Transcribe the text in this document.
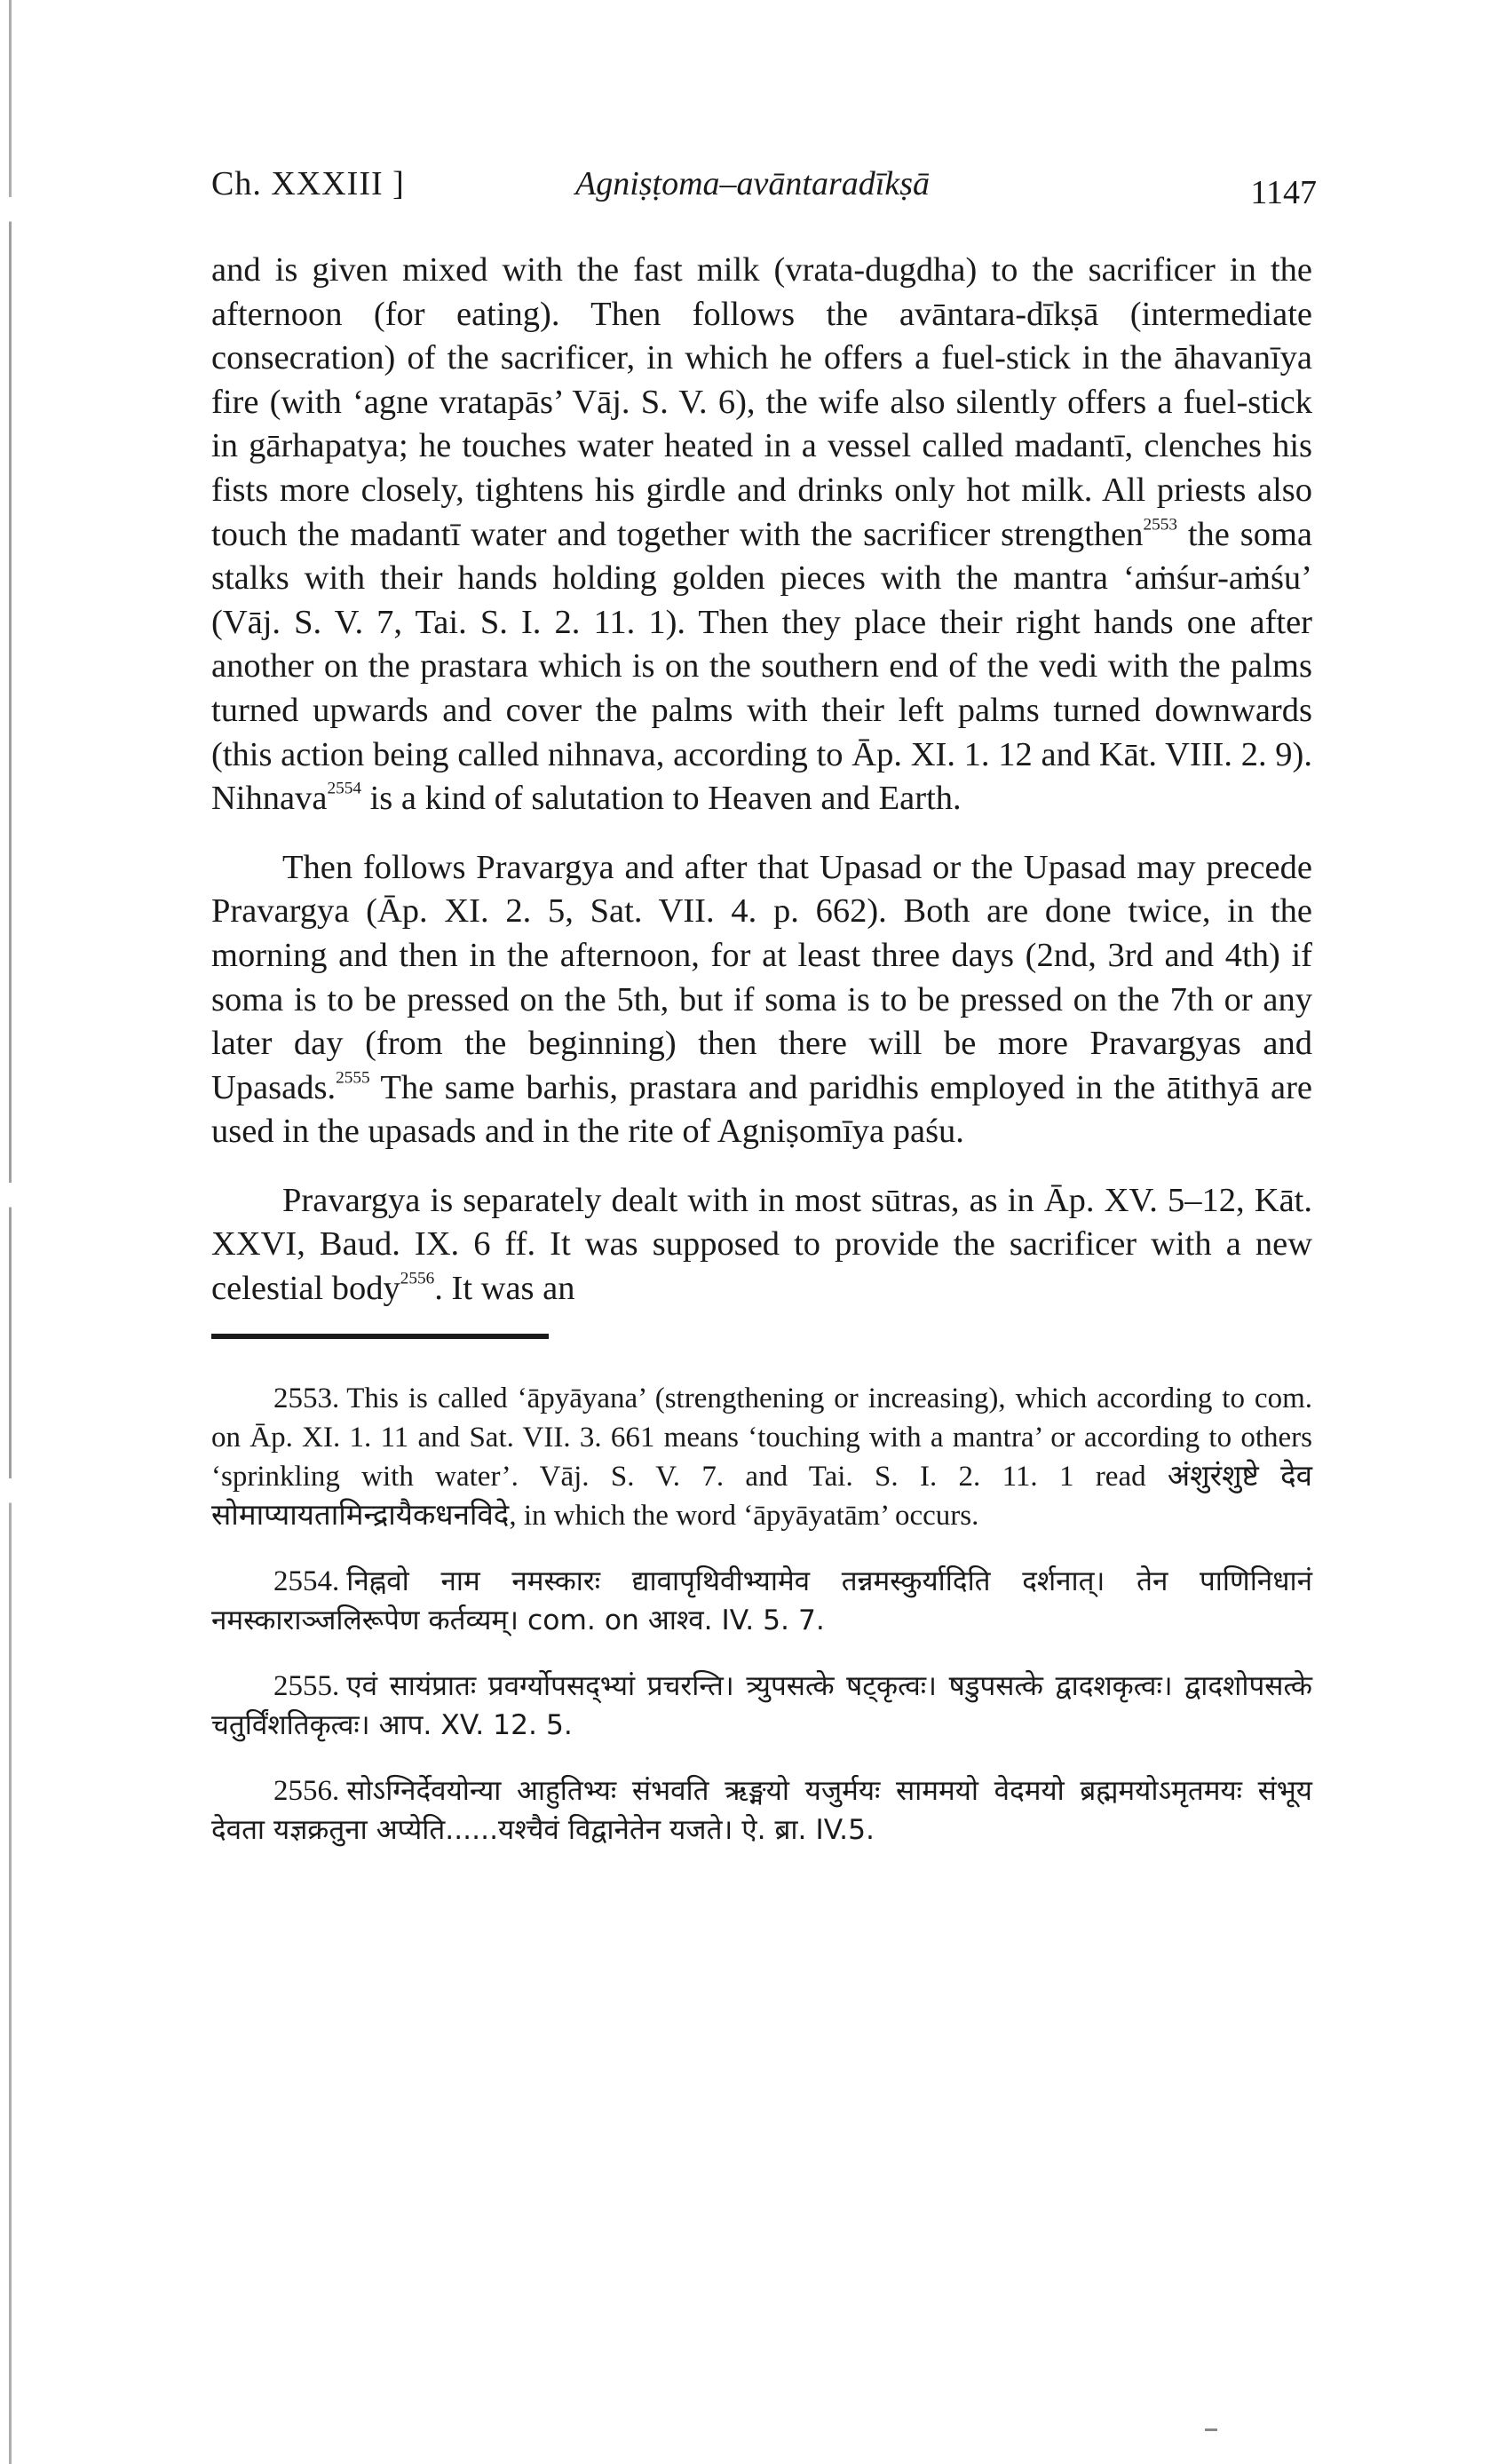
Ch. XXXIII ]	Agniṣṭoma–avāntaradīkṣā	1147

and is given mixed with the fast milk (vrata-dugdha) to the sacrificer in the afternoon (for eating). Then follows the avāntara-dīkṣā (intermediate consecration) of the sacrificer, in which he offers a fuel-stick in the āhavanīya fire (with ‘agne vratapās’ Vāj. S. V. 6), the wife also silently offers a fuel-stick in gārhapatya; he touches water heated in a vessel called madantī, clenches his fists more closely, tightens his girdle and drinks only hot milk. All priests also touch the madantī water and together with the sacrificer strengthen$^{2553}$ the soma stalks with their hands holding golden pieces with the mantra ‘aṁśur-aṁśu’ (Vāj. S. V. 7, Tai. S. I. 2. 11. 1). Then they place their right hands one after another on the prastara which is on the southern end of the vedi with the palms turned upwards and cover the palms with their left palms turned downwards (this action being called nihnava, according to Āp. XI. 1. 12 and Kāt. VIII. 2. 9). Nihnava$^{2554}$ is a kind of salutation to Heaven and Earth.

Then follows Pravargya and after that Upasad or the Upasad may precede Pravargya (Āp. XI. 2. 5, Sat. VII. 4. p. 662). Both are done twice, in the morning and then in the afternoon, for at least three days (2nd, 3rd and 4th) if soma is to be pressed on the 5th, but if soma is to be pressed on the 7th or any later day (from the beginning) then there will be more Pravargyas and Upasads.$^{2555}$ The same barhis, prastara and paridhis employed in the ātithyā are used in the upasads and in the rite of Agniṣomīya paśu.

Pravargya is separately dealt with in most sūtras, as in Āp. XV. 5–12, Kāt. XXVI, Baud. IX. 6 ff. It was supposed to provide the sacrificer with a new celestial body$^{2556}$. It was an

2553. This is called ‘āpyāyana’ (strengthening or increasing), which according to com. on Āp. XI. 1. 11 and Sat. VII. 3. 661 means ‘touching with a mantra’ or according to others ‘sprinkling with water’. Vāj. S. V. 7. and Tai. S. I. 2. 11. 1 read अंशुरंशुष्टे देव सोमाप्यायतामिन्द्रायैकधनविदे, in which the word ‘āpyāyatām’ occurs.

2554. निह्नवो नाम नमस्कारः द्यावापृथिवीभ्यामेव तन्नमस्कुर्यादिति दर्शनात्। तेन पाणिनिधानं नमस्काराञ्जलिरूपेण कर्तव्यम्। com. on आश्व. IV. 5. 7.

2555. एवं सायंप्रातः प्रवर्ग्योपसद्भ्यां प्रचरन्ति। त्र्युपसत्के षट्कृत्वः। षडुपसत्के द्वादशकृत्वः। द्वादशोपसत्के चतुर्विंशतिकृत्वः। आप. XV. 12. 5.

2556. सोऽग्निर्देवयोन्या आहुतिभ्यः संभवति ऋङ्मयो यजुर्मयः साममयो वेदमयो ब्रह्ममयोऽमृतमयः संभूय देवता यज्ञक्रतुना अप्येति......यश्चैवं विद्वानेतेन यजते। ऐ. ब्रा. IV.5.
